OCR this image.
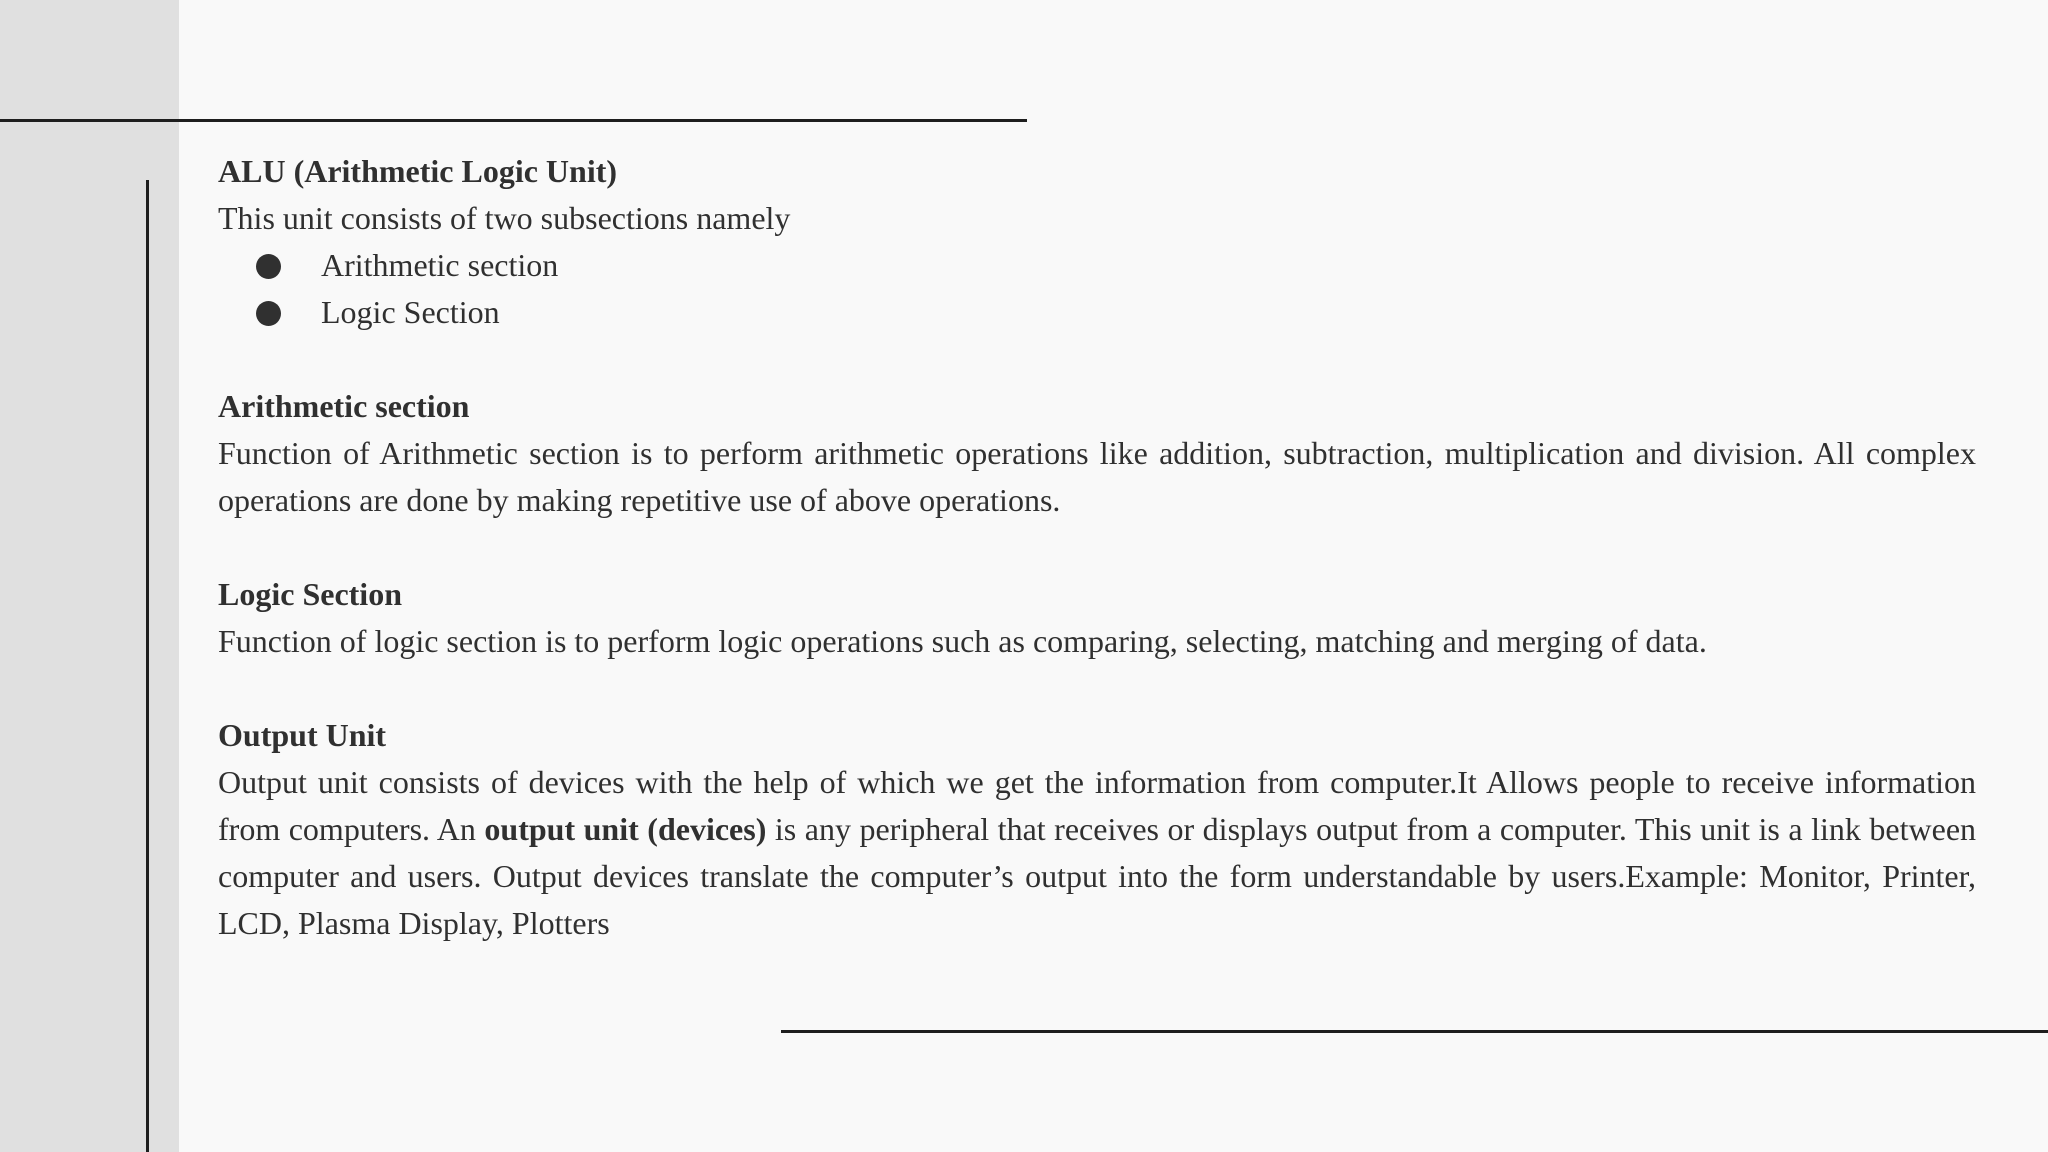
ALU (Arithmetic Logic Unit)
This unit consists of two subsections namely
Arithmetic section
Logic Section
Arithmetic section
Function of Arithmetic section is to perform arithmetic operations like addition, subtraction, multiplication and division. All complex operations are done by making repetitive use of above operations.
Logic Section
Function of logic section is to perform logic operations such as comparing, selecting, matching and merging of data.
Output Unit
Output unit consists of devices with the help of which we get the information from computer.It Allows people to receive information from computers. An output unit (devices) is any peripheral that receives or displays output from a computer. This unit is a link between computer and users. Output devices translate the computer’s output into the form understandable by users.Example: Monitor, Printer, LCD, Plasma Display, Plotters
